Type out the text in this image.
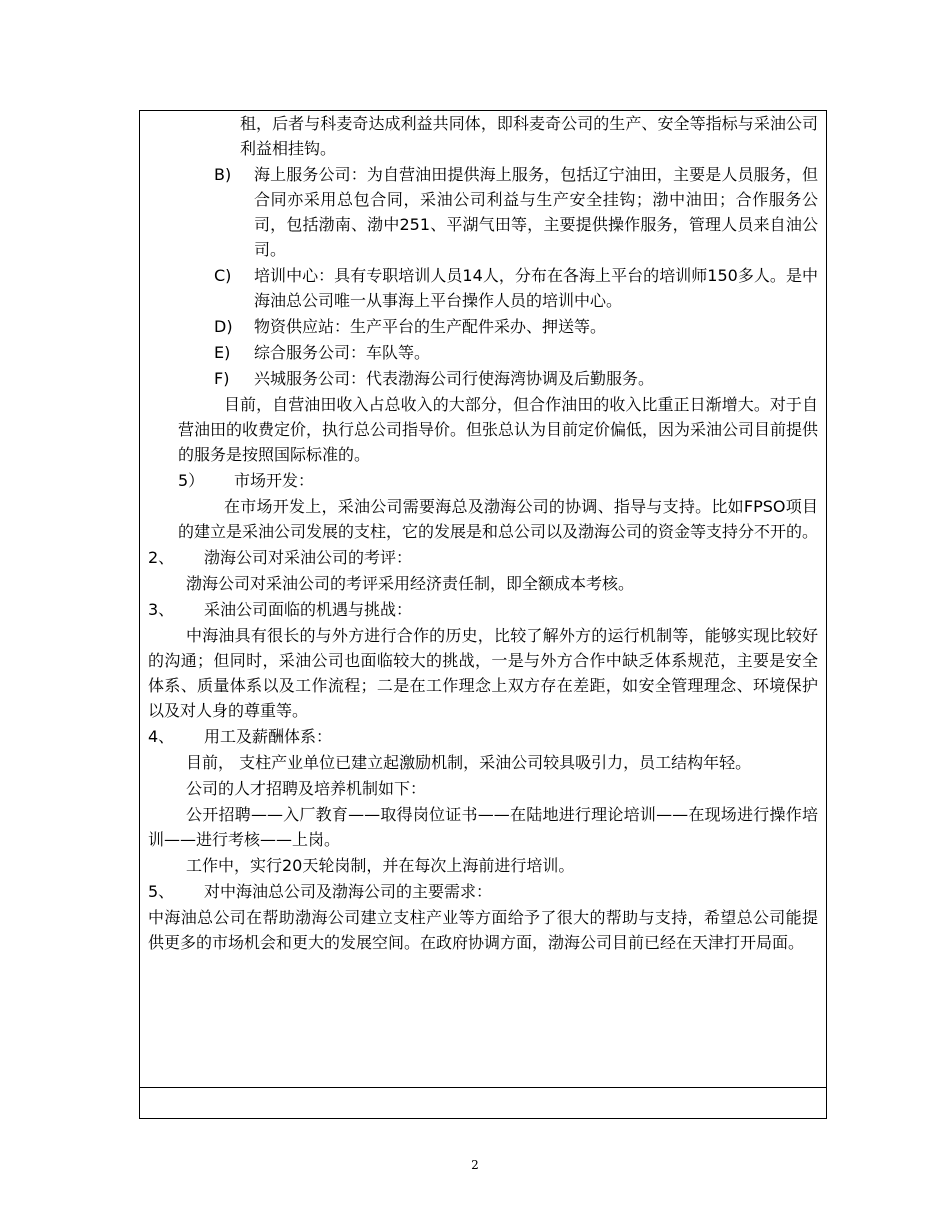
租，后者与科麦奇达成利益共同体，即科麦奇公司的生产、安全等指标与采油公司利益相挂钩。

B)	海上服务公司：为自营油田提供海上服务，包括辽宁油田，主要是人员服务，但合同亦采用总包合同，采油公司利益与生产安全挂钩；渤中油田；合作服务公司，包括渤南、渤中251、平湖气田等，主要提供操作服务，管理人员来自油公司。
C)	培训中心：具有专职培训人员14人，分布在各海上平台的培训师150多人。是中海油总公司唯一从事海上平台操作人员的培训中心。
D)	物资供应站：生产平台的生产配件采办、押送等。
E)	综合服务公司：车队等。
F)	兴城服务公司：代表渤海公司行使海湾协调及后勤服务。

目前，自营油田收入占总收入的大部分，但合作油田的收入比重正日渐增大。对于自营油田的收费定价，执行总公司指导价。但张总认为目前定价偏低，因为采油公司目前提供的服务是按照国际标准的。

5）	市场开发：

在市场开发上，采油公司需要海总及渤海公司的协调、指导与支持。比如FPSO项目的建立是采油公司发展的支柱，它的发展是和总公司以及渤海公司的资金等支持分不开的。

2、	渤海公司对采油公司的考评：

渤海公司对采油公司的考评采用经济责任制，即全额成本考核。

3、	采油公司面临的机遇与挑战：

中海油具有很长的与外方进行合作的历史，比较了解外方的运行机制等，能够实现比较好的沟通；但同时，采油公司也面临较大的挑战，一是与外方合作中缺乏体系规范，主要是安全体系、质量体系以及工作流程；二是在工作理念上双方存在差距，如安全管理理念、环境保护以及对人身的尊重等。

4、	用工及薪酬体系：

目前， 支柱产业单位已建立起激励机制，采油公司较具吸引力，员工结构年轻。

公司的人才招聘及培养机制如下：

公开招聘——入厂教育——取得岗位证书——在陆地进行理论培训——在现场进行操作培训——进行考核——上岗。

工作中，实行20天轮岗制，并在每次上海前进行培训。

5、	对中海油总公司及渤海公司的主要需求：

中海油总公司在帮助渤海公司建立支柱产业等方面给予了很大的帮助与支持，希望总公司能提供更多的市场机会和更大的发展空间。在政府协调方面，渤海公司目前已经在天津打开局面。

2
